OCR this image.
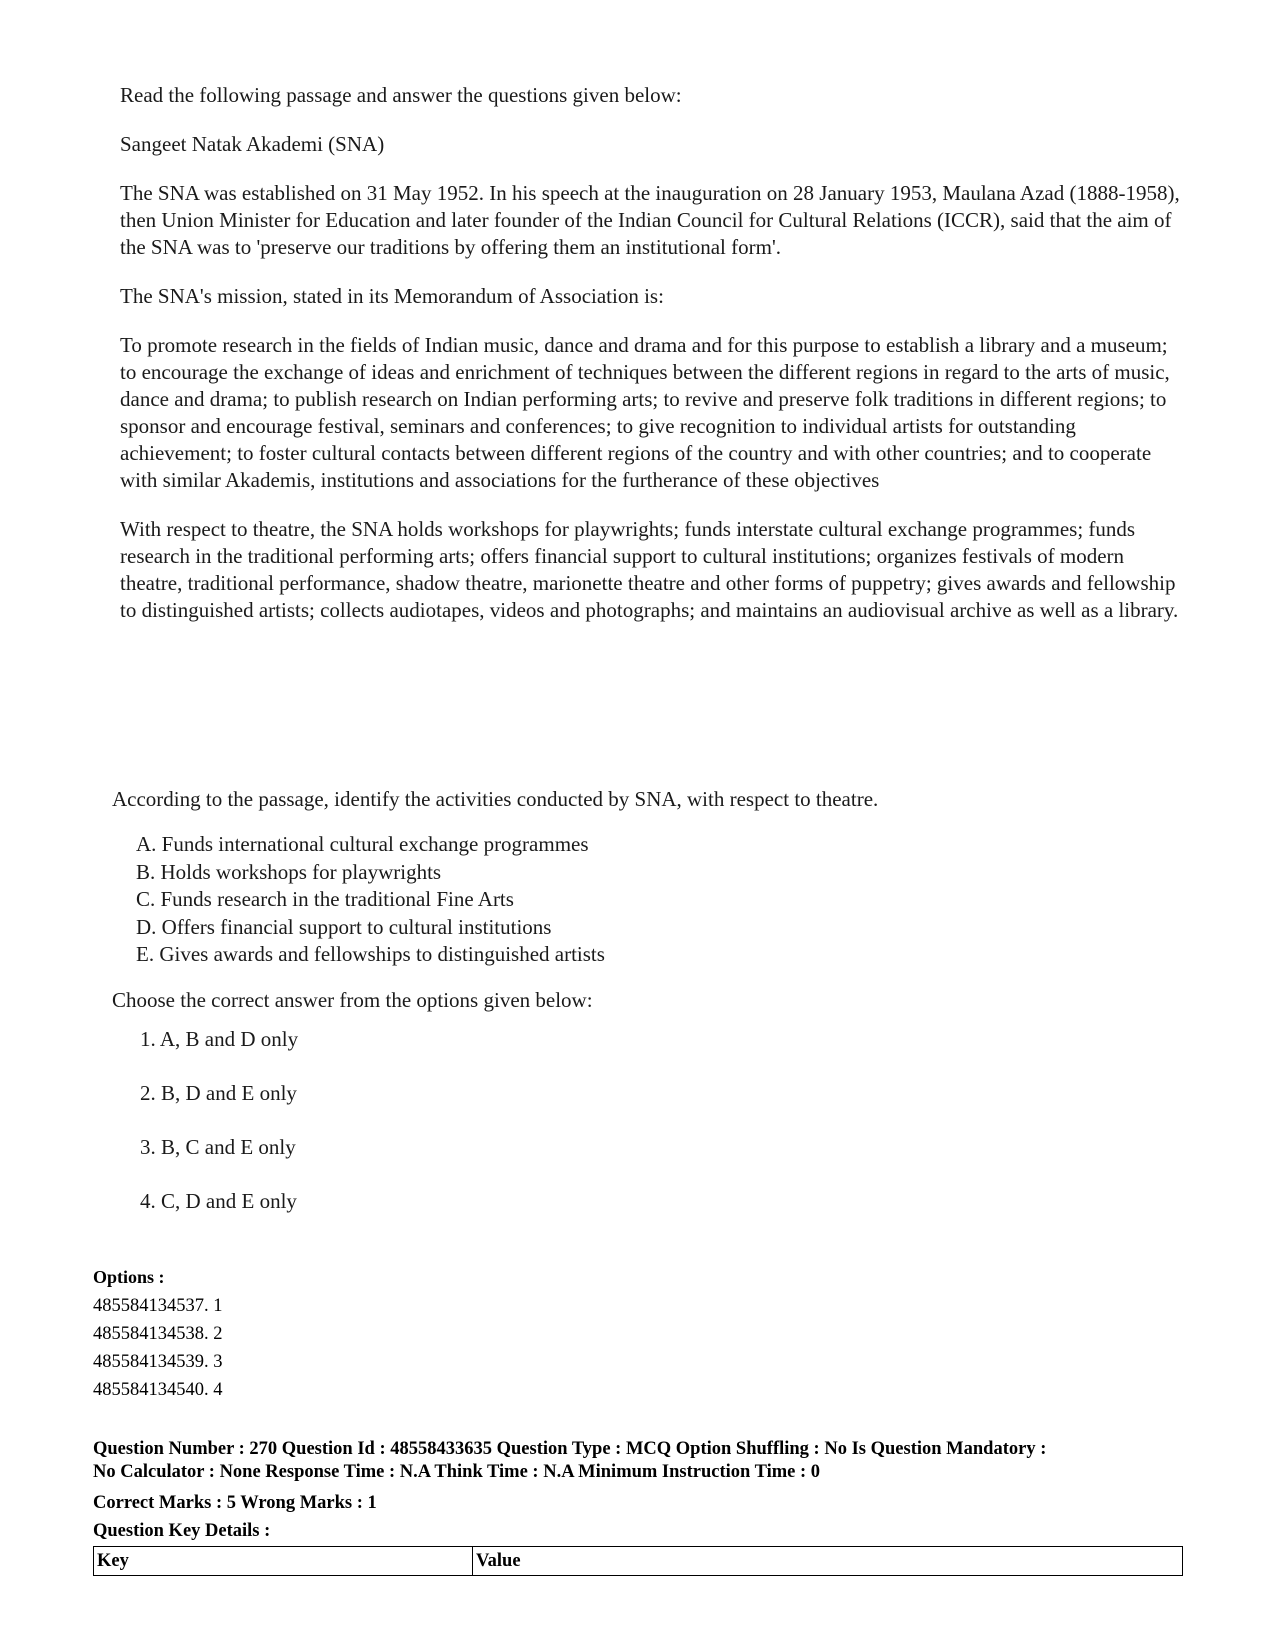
Read the following passage and answer the questions given below:

Sangeet Natak Akademi (SNA)

The SNA was established on 31 May 1952. In his speech at the inauguration on 28 January 1953, Maulana Azad (1888-1958), then Union Minister for Education and later founder of the Indian Council for Cultural Relations (ICCR), said that the aim of the SNA was to 'preserve our traditions by offering them an institutional form'.

The SNA's mission, stated in its Memorandum of Association is:

To promote research in the fields of Indian music, dance and drama and for this purpose to establish a library and a museum; to encourage the exchange of ideas and enrichment of techniques between the different regions in regard to the arts of music, dance and drama; to publish research on Indian performing arts; to revive and preserve folk traditions in different regions; to sponsor and encourage festival, seminars and conferences; to give recognition to individual artists for outstanding achievement; to foster cultural contacts between different regions of the country and with other countries; and to cooperate with similar Akademis, institutions and associations for the furtherance of these objectives

With respect to theatre, the SNA holds workshops for playwrights; funds interstate cultural exchange programmes; funds research in the traditional performing arts; offers financial support to cultural institutions; organizes festivals of modern theatre, traditional performance, shadow theatre, marionette theatre and other forms of puppetry; gives awards and fellowship to distinguished artists; collects audiotapes, videos and photographs; and maintains an audiovisual archive as well as a library.

According to the passage, identify the activities conducted by SNA, with respect to theatre.

A. Funds international cultural exchange programmes
B. Holds workshops for playwrights
C. Funds research in the traditional Fine Arts
D. Offers financial support to cultural institutions
E. Gives awards and fellowships to distinguished artists

Choose the correct answer from the options given below:

1. A, B and D only
2. B, D and E only
3. B, C and E only
4. C, D and E only
Options :
485584134537. 1
485584134538. 2
485584134539. 3
485584134540. 4
Question Number : 270 Question Id : 48558433635 Question Type : MCQ Option Shuffling : No Is Question Mandatory :
No Calculator : None Response Time : N.A Think Time : N.A Minimum Instruction Time : 0
Correct Marks : 5 Wrong Marks : 1
Question Key Details :
Key	Value
